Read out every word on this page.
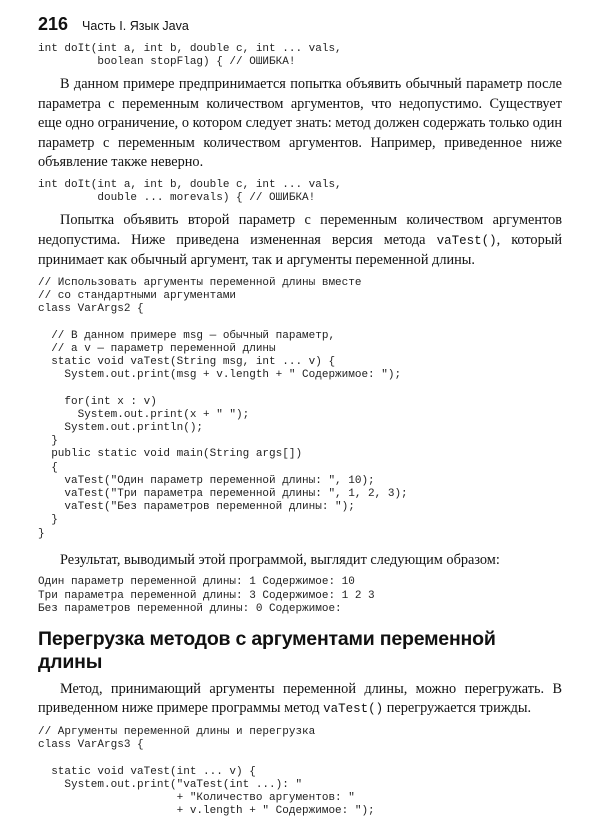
216 Часть I. Язык Java
int doIt(int a, int b, double c, int ... vals,
boolean stopFlag) { // ОШИБКА!

В данном примере предпринимается попытка объявить обычный параметр после параметра с переменным количеством аргументов, что недопустимо. Существует еще одно ограничение, о котором следует знать: метод должен содержать только один параметр с переменным количеством аргументов. Например, приведенное ниже объявление также неверно.

int doIt(int a, int b, double c, int ... vals,
double ... morevals) { // ОШИБКА!

Попытка объявить второй параметр с переменным количеством аргументов недопустима. Ниже приведена измененная версия метода vaTest(), который принимает как обычный аргумент, так и аргументы переменной длины.

// Использовать аргументы переменной длины вместе
// со стандартными аргументами
class VarArgs2 {
// В данном примере msg — обычный параметр,
// а v — параметр переменной длины
static void vaTest(String msg, int ... v) {
System.out.print(msg + v.length + " Содержимое: ");
for(int x : v)
System.out.print(x + " ");
System.out.println();
}
public static void main(String args[])
{
vaTest("Один параметр переменной длины: ", 10);
vaTest("Три параметра переменной длины: ", 1, 2, 3);
vaTest("Без параметров переменной длины: ");
}
}

Результат, выводимый этой программой, выглядит следующим образом:

Один параметр переменной длины: 1 Содержимое: 10
Три параметра переменной длины: 3 Содержимое: 1 2 3
Без параметров переменной длины: 0 Содержимое:
Перегрузка методов с аргументами переменной длины

Метод, принимающий аргументы переменной длины, можно перегружать. В приведенном ниже примере программы метод vaTest() перегружается трижды.

// Аргументы переменной длины и перегрузка
class VarArgs3 {
static void vaTest(int ... v) {
System.out.print("vaTest(int ...): "
+ "Количество аргументов: "
+ v.length + " Содержимое: ");
